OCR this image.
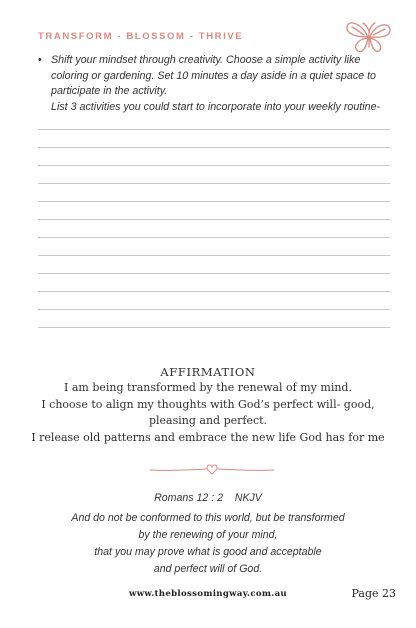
TRANSFORM - BLOSSOM - THRIVE
• Shift your mindset through creativity. Choose a simple activity like
coloring or gardening. Set 10 minutes a day aside in a quiet space to
participate in the activity.
List 3 activities you could start to incorporate into your weekly routine-
AFFIRMATION
I am being transformed by the renewal of my mind.
I choose to align my thoughts with God’s perfect will- good,
pleasing and perfect.
I release old patterns and embrace the new life God has for me
Romans 12 : 2    NKJV
And do not be conformed to this world, but be transformed
by the renewing of your mind,
that you may prove what is good and acceptable
and perfect will of God.
www.theblossomingway.com.au	Page 23
